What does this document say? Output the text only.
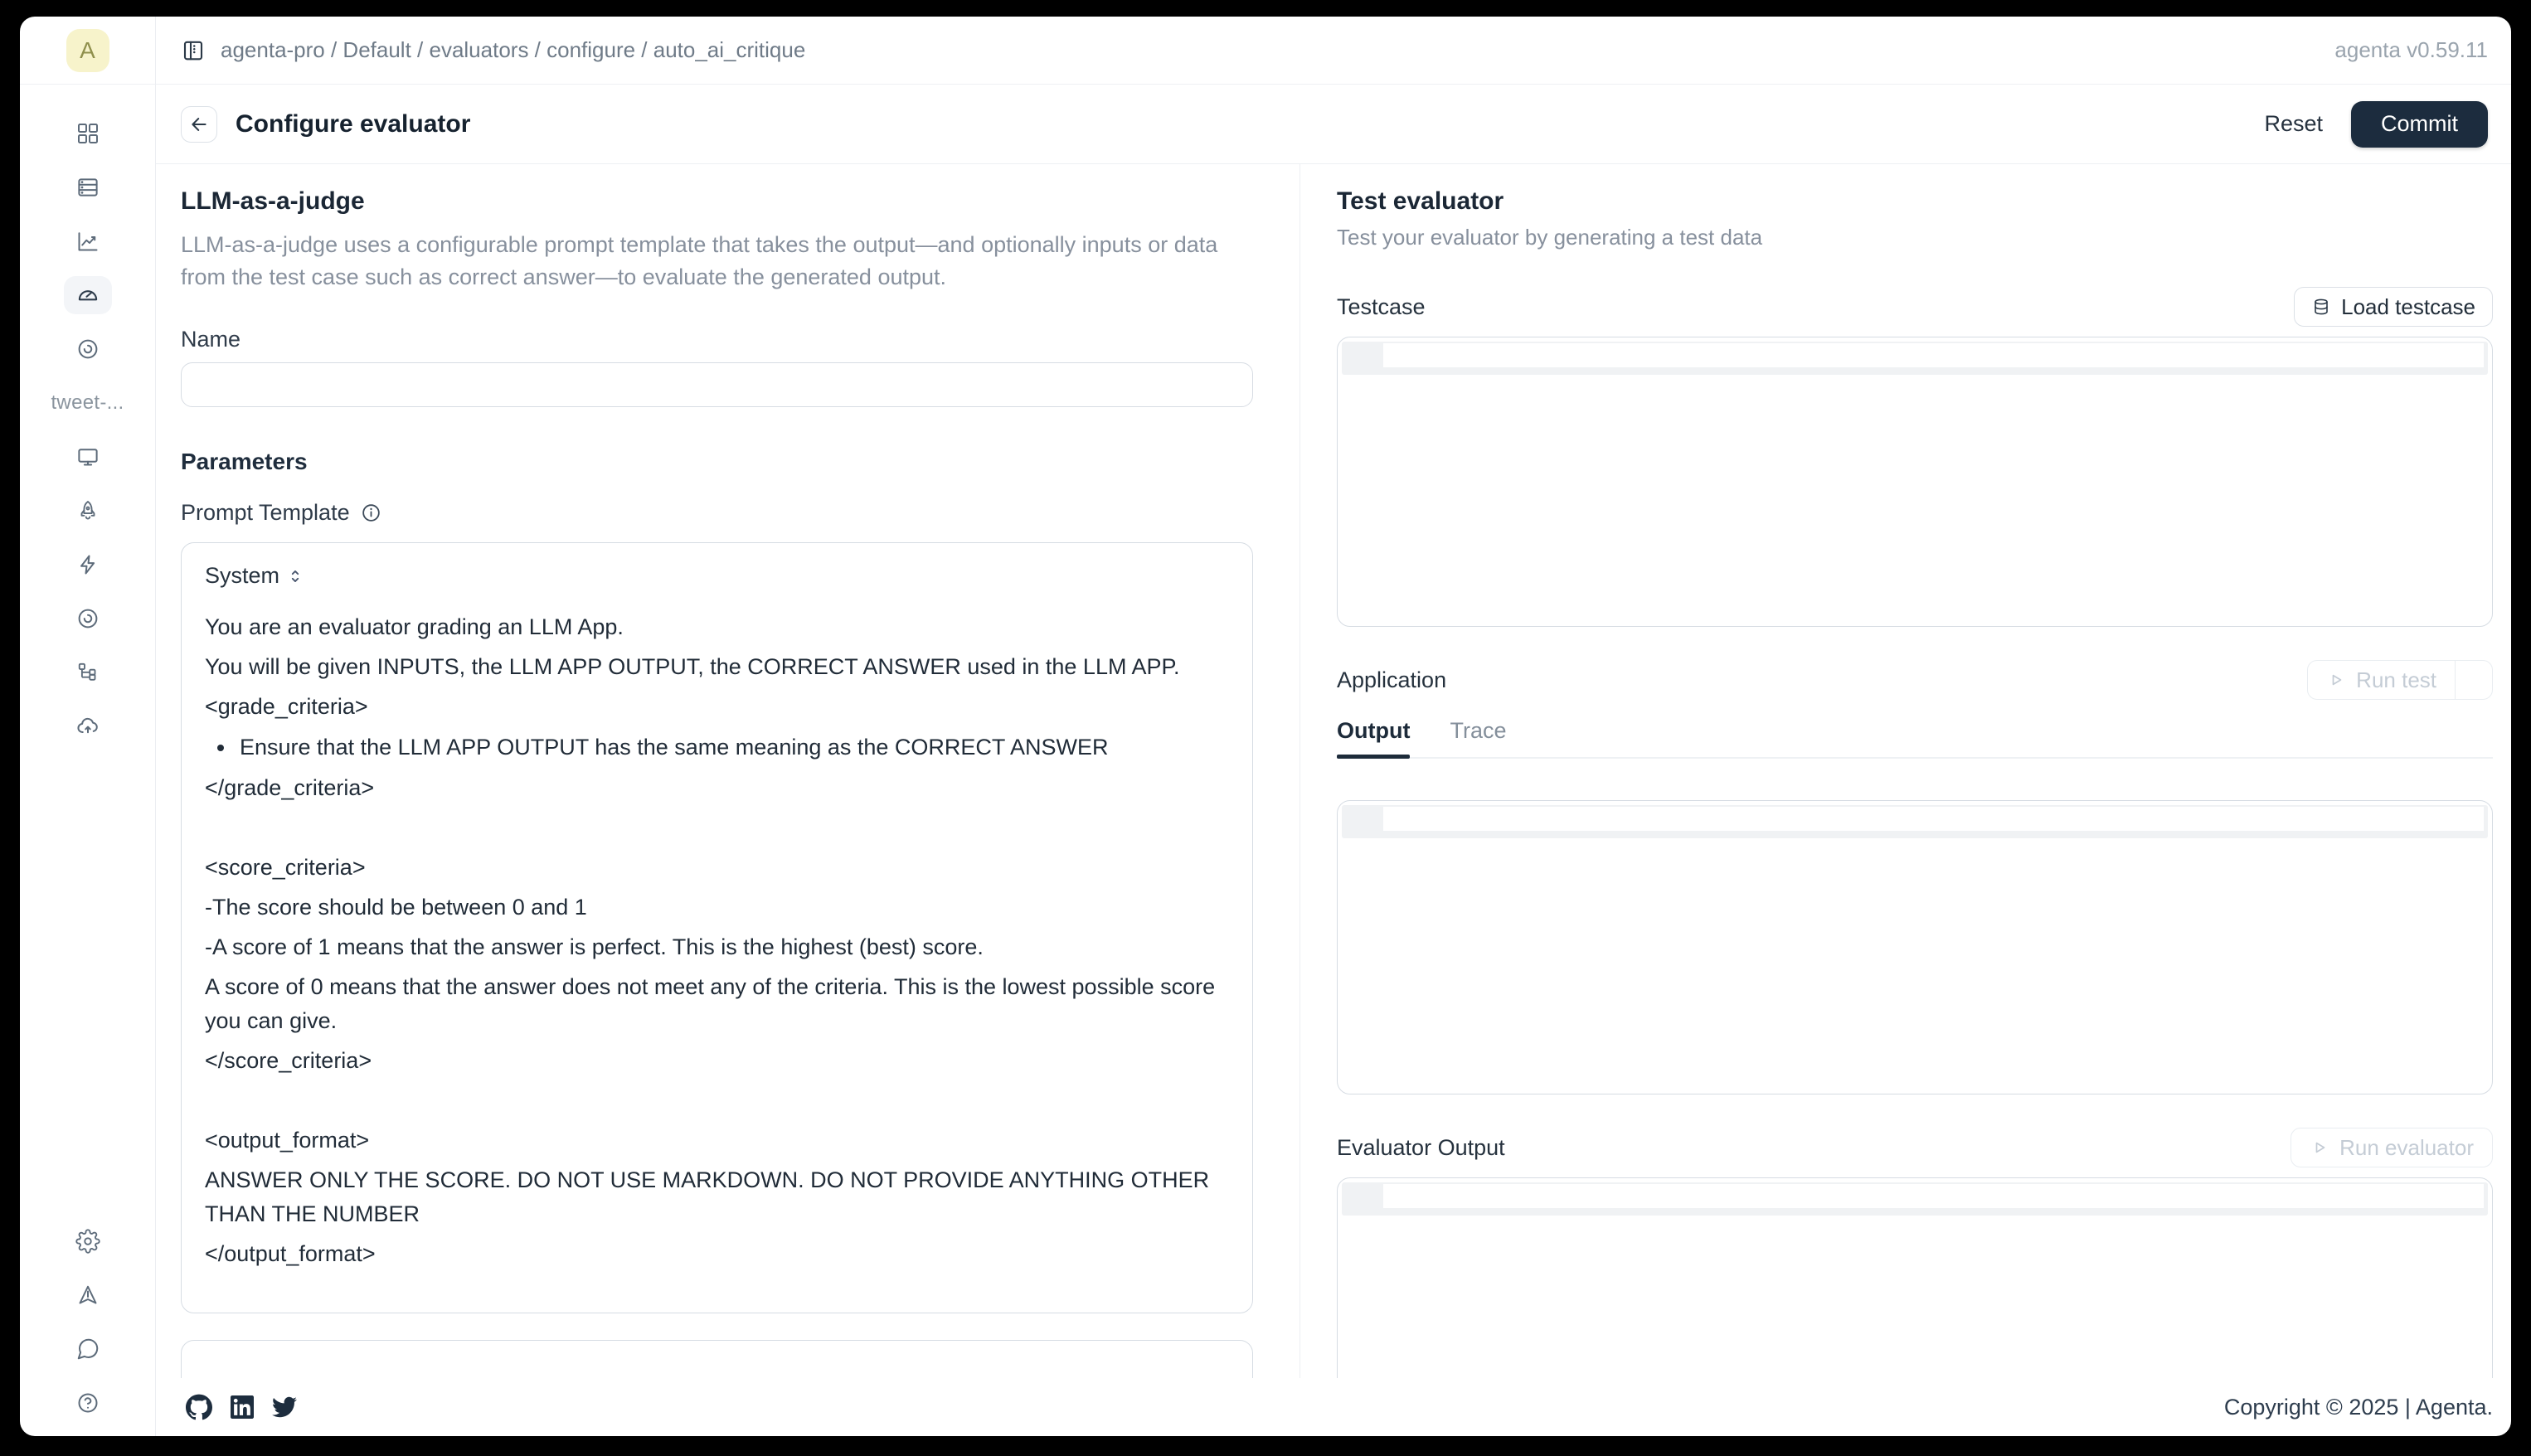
A
tweet-...
agenta-pro / Default / evaluators / configure / auto_ai_critique	agenta v0.59.11
Configure evaluator	Reset	Commit
LLM-as-a-judge
LLM-as-a-judge uses a configurable prompt template that takes the output—and optionally inputs or data from the test case such as correct answer—to evaluate the generated output.
Name
Parameters
Prompt Template
System

You are an evaluator grading an LLM App.

You will be given INPUTS, the LLM APP OUTPUT, the CORRECT ANSWER used in the LLM APP.

<grade_criteria>

• Ensure that the LLM APP OUTPUT has the same meaning as the CORRECT ANSWER

</grade_criteria>

<score_criteria>

-The score should be between 0 and 1

-A score of 1 means that the answer is perfect. This is the highest (best) score.

A score of 0 means that the answer does not meet any of the criteria. This is the lowest possible score you can give.

</score_criteria>

<output_format>

ANSWER ONLY THE SCORE. DO NOT USE MARKDOWN. DO NOT PROVIDE ANYTHING OTHER THAN THE NUMBER

</output_format>

Test evaluator
Test your evaluator by generating a test data
Testcase	Load testcase
Application	Run test
Output Trace
Evaluator Output	Run evaluator
Copyright © 2025 | Agenta.
